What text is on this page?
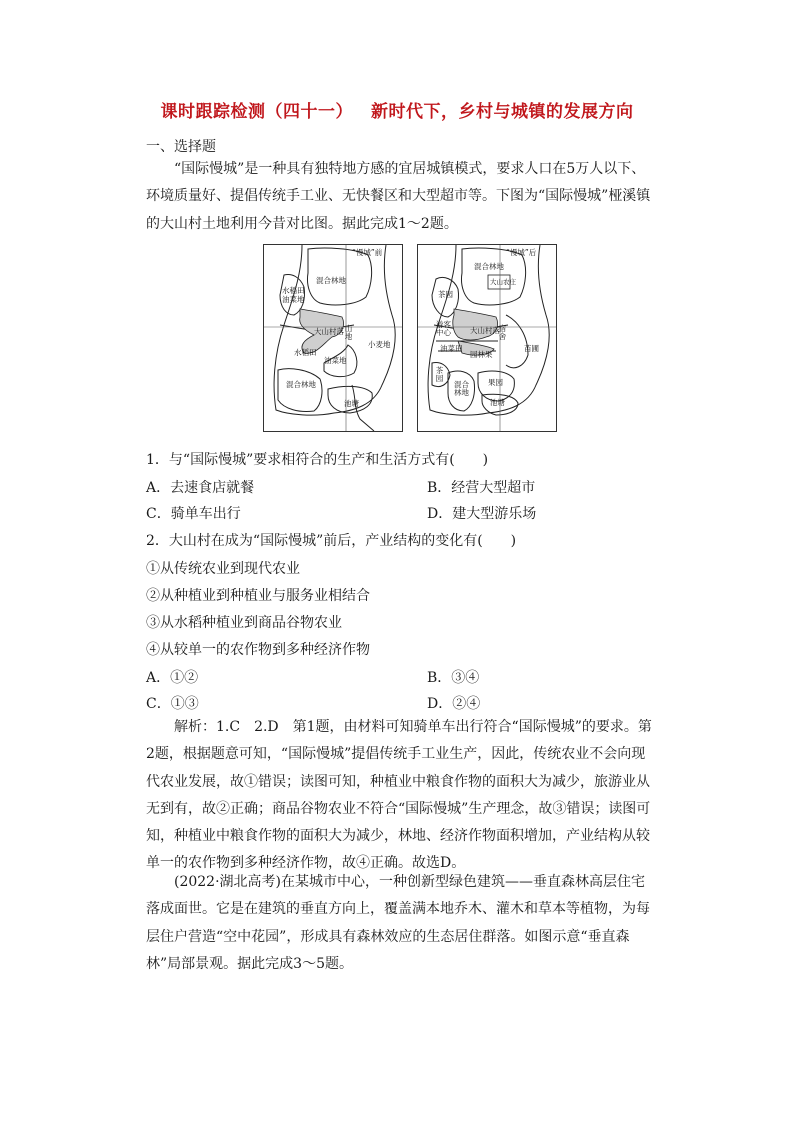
课时跟踪检测（四十一） 新时代下，乡村与城镇的发展方向
一、选择题
“国际慢城”是一种具有独特地方感的宜居城镇模式，要求人口在5万人以下、环境质量好、提倡传统手工业、无快餐区和大型超市等。下图为“国际慢城”桠溪镇的大山村土地利用今昔对比图。据此完成1～2题。
“慢城”前
混合林地
水稻田
油菜地
大山村落 山地
小麦地
水稻田
油菜地
混合林地
池塘
“慢城”后
混合林地
大山农庄
茶园
游客中心	大山村落
宿舍
苗圃
油菜田
园林果
茶园
混合林地
果园
池塘
1．与“国际慢城”要求相符合的生产和生活方式有(　　)
A．去速食店就餐	B．经营大型超市
C．骑单车出行	D．建大型游乐场
2．大山村在成为“国际慢城”前后，产业结构的变化有(　　)
①从传统农业到现代农业
②从种植业到种植业与服务业相结合
③从水稻种植业到商品谷物农业
④从较单一的农作物到多种经济作物
A．①②	B．③④
C．①③	D．②④
解析：1.C　2.D　第1题，由材料可知骑单车出行符合“国际慢城”的要求。第2题，根据题意可知，“国际慢城”提倡传统手工业生产，因此，传统农业不会向现代农业发展，故①错误；读图可知，种植业中粮食作物的面积大为减少，旅游业从无到有，故②正确；商品谷物农业不符合“国际慢城”生产理念，故③错误；读图可知，种植业中粮食作物的面积大为减少，林地、经济作物面积增加，产业结构从较单一的农作物到多种经济作物，故④正确。故选D。
(2022·湖北高考)在某城市中心，一种创新型绿色建筑——垂直森林高层住宅落成面世。它是在建筑的垂直方向上，覆盖满本地乔木、灌木和草本等植物，为每层住户营造“空中花园”，形成具有森林效应的生态居住群落。如图示意“垂直森林”局部景观。据此完成3～5题。
